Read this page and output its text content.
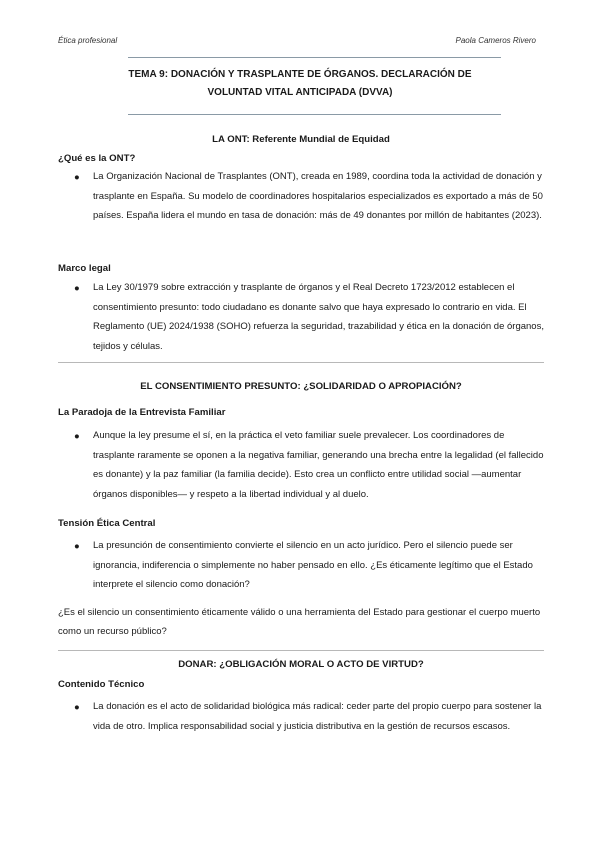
Ética profesional	Paola Cameros Rivero
TEMA 9: DONACIÓN Y TRASPLANTE DE ÓRGANOS. DECLARACIÓN DE
VOLUNTAD VITAL ANTICIPADA (DVVA)
LA ONT: Referente Mundial de Equidad
¿Qué es la ONT?
● La Organización Nacional de Trasplantes (ONT), creada en 1989, coordina toda la actividad de donación y trasplante en España. Su modelo de coordinadores hospitalarios especializados es exportado a más de 50 países. España lidera el mundo en tasa de donación: más de 49 donantes por millón de habitantes (2023).
Marco legal
● La Ley 30/1979 sobre extracción y trasplante de órganos y el Real Decreto 1723/2012 establecen el consentimiento presunto: todo ciudadano es donante salvo que haya expresado lo contrario en vida. El Reglamento (UE) 2024/1938 (SOHO) refuerza la seguridad, trazabilidad y ética en la donación de órganos, tejidos y células.
EL CONSENTIMIENTO PRESUNTO: ¿SOLIDARIDAD O APROPIACIÓN?
La Paradoja de la Entrevista Familiar
● Aunque la ley presume el sí, en la práctica el veto familiar suele prevalecer. Los coordinadores de trasplante raramente se oponen a la negativa familiar, generando una brecha entre la legalidad (el fallecido es donante) y la paz familiar (la familia decide). Esto crea un conflicto entre utilidad social —aumentar órganos disponibles— y respeto a la libertad individual y al duelo.
Tensión Ética Central
● La presunción de consentimiento convierte el silencio en un acto jurídico. Pero el silencio puede ser ignorancia, indiferencia o simplemente no haber pensado en ello. ¿Es éticamente legítimo que el Estado interprete el silencio como donación?
¿Es el silencio un consentimiento éticamente válido o una herramienta del Estado para gestionar el cuerpo muerto como un recurso público?
DONAR: ¿OBLIGACIÓN MORAL O ACTO DE VIRTUD?
Contenido Técnico
● La donación es el acto de solidaridad biológica más radical: ceder parte del propio cuerpo para sostener la vida de otro. Implica responsabilidad social y justicia distributiva en la gestión de recursos escasos.
